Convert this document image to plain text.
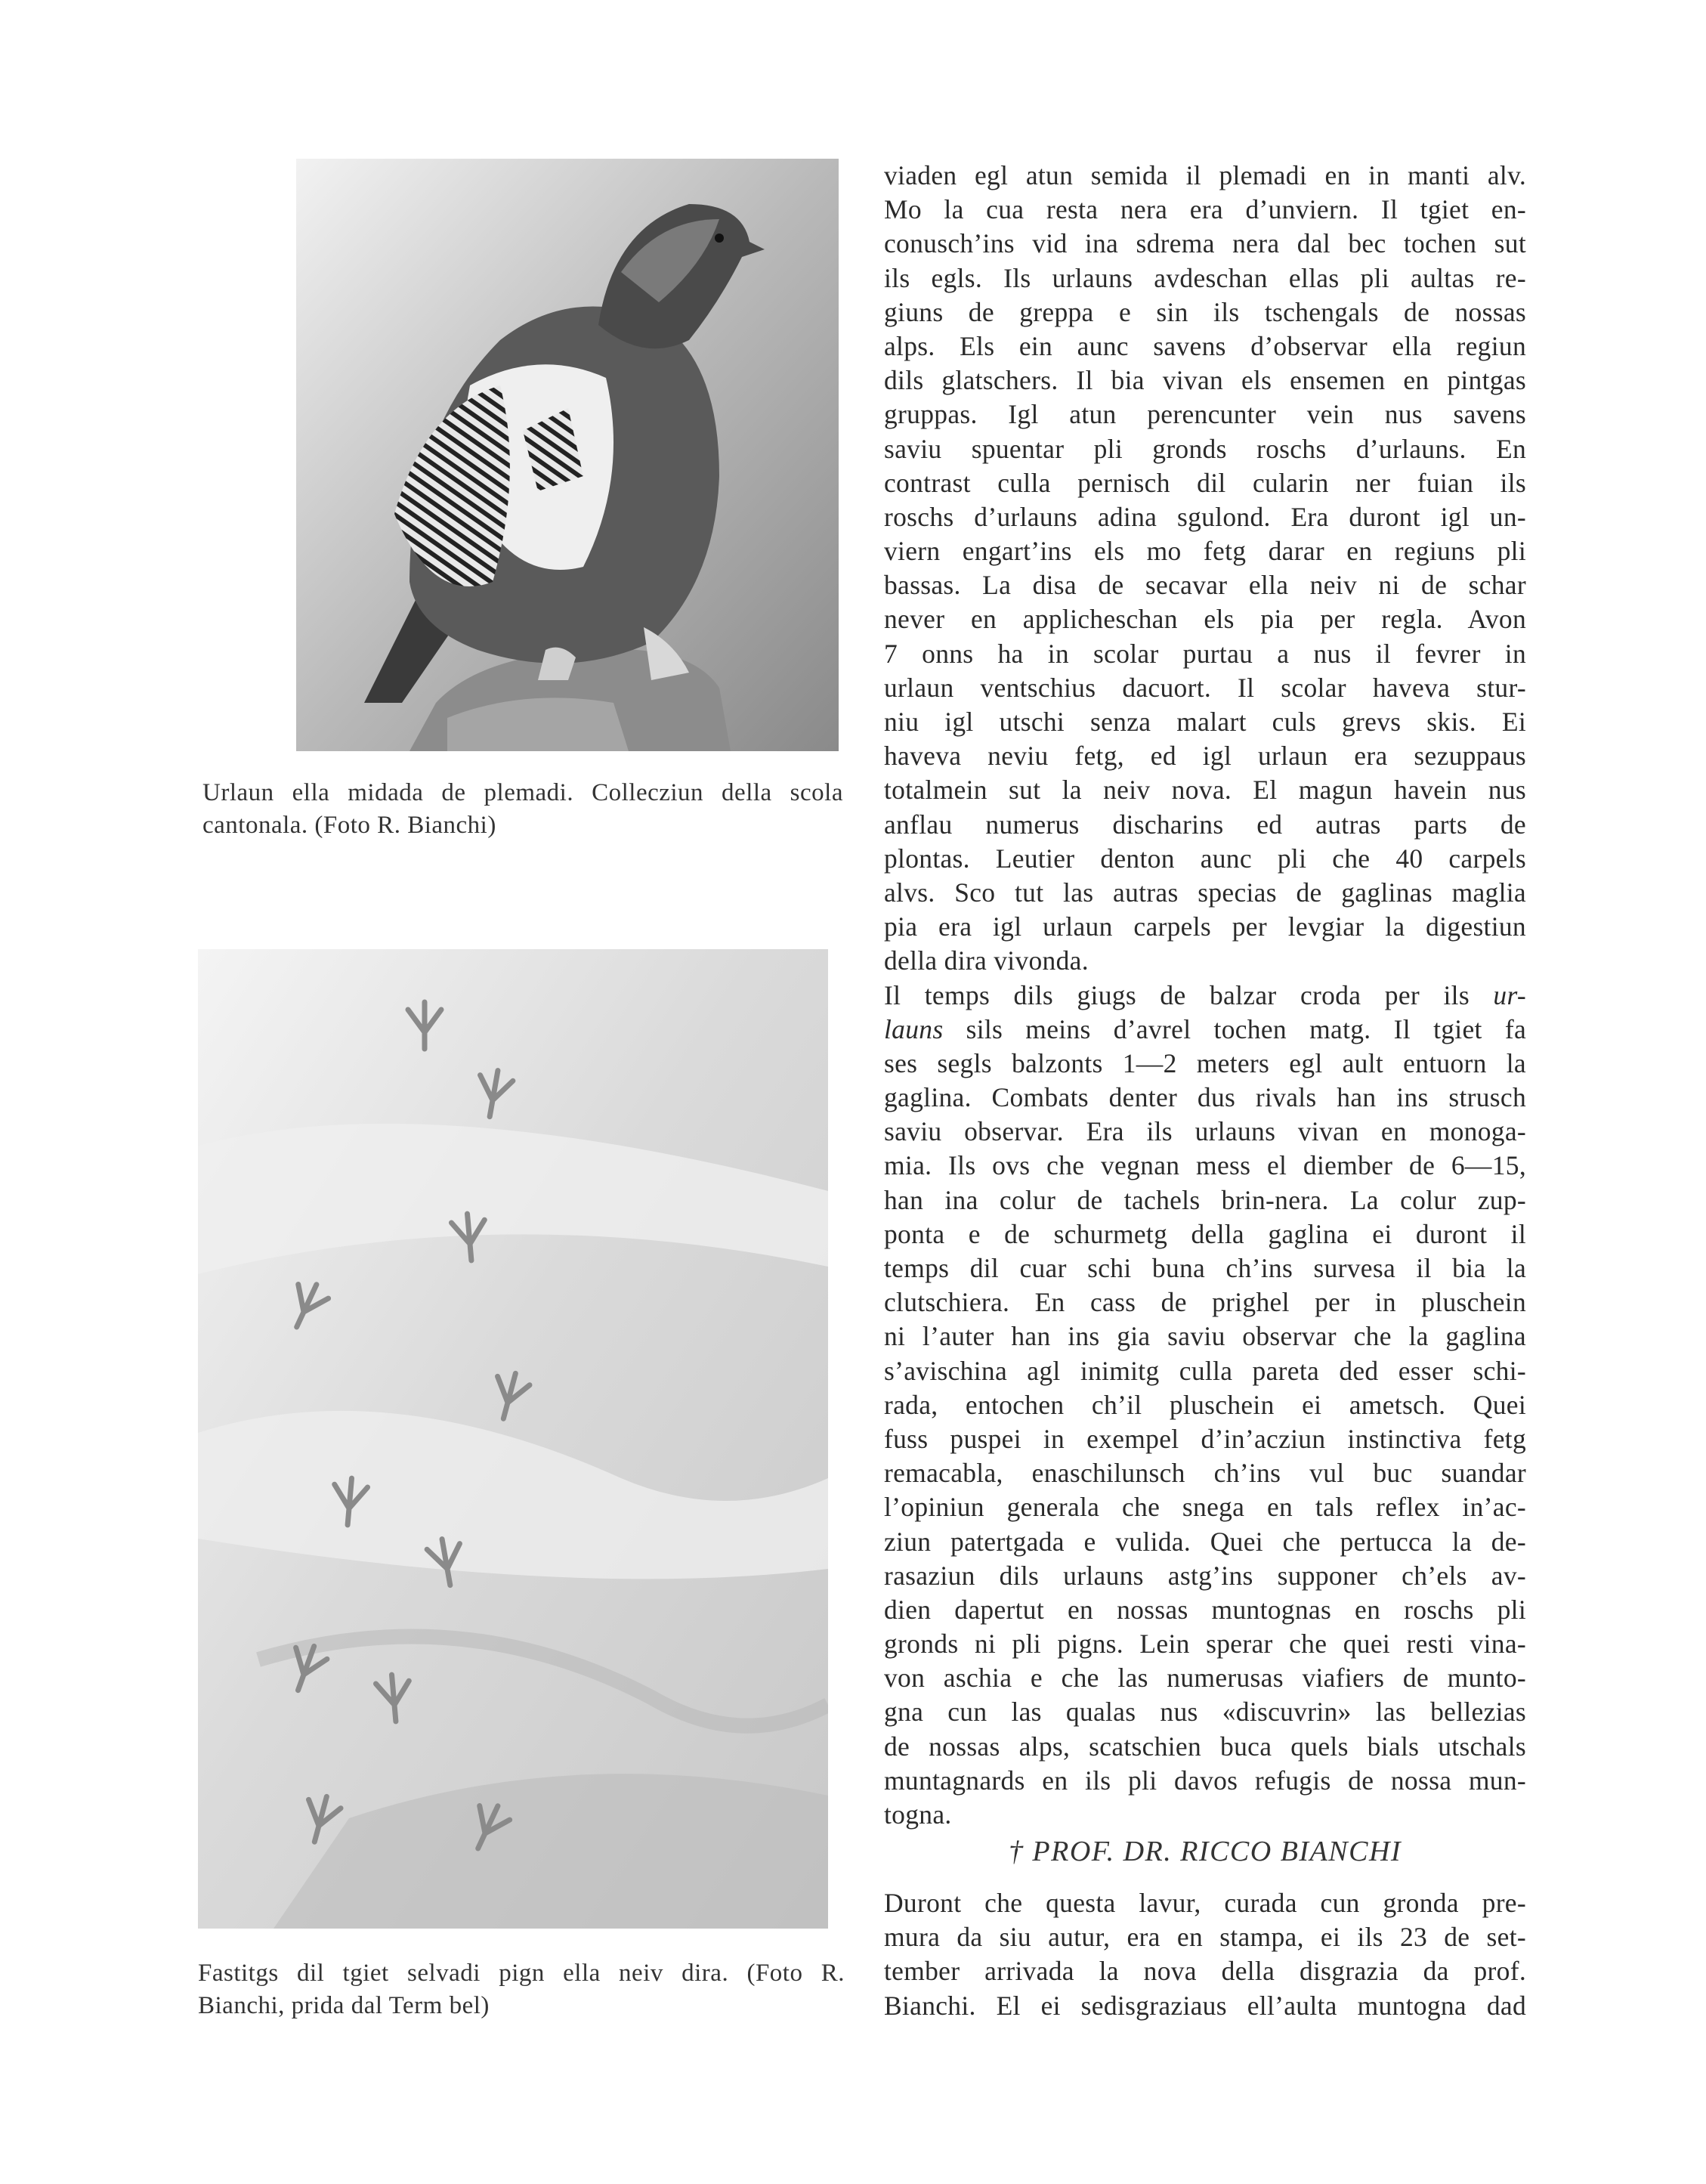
Urlaun ella midada de plemadi. Collecziun della scola
cantonala. (Foto R. Bianchi)
Fastitgs dil tgiet selvadi pign ella neiv dira. (Foto R.
Bianchi, prida dal Term bel)
viaden egl atun semida il plemadi en in manti alv.
Mo la cua resta nera era d’unviern. Il tgiet en-
conusch’ins vid ina sdrema nera dal bec tochen sut
ils egls. Ils urlauns avdeschan ellas pli aultas re-
giuns de greppa e sin ils tschengals de nossas
alps. Els ein aunc savens d’observar ella regiun
dils glatschers. Il bia vivan els ensemen en pintgas
gruppas. Igl atun perencunter vein nus savens
saviu spuentar pli gronds roschs d’urlauns. En
contrast culla pernisch dil cularin ner fuian ils
roschs d’urlauns adina sgulond. Era duront igl un-
viern engart’ins els mo fetg darar en regiuns pli
bassas. La disa de secavar ella neiv ni de schar
never en applicheschan els pia per regla. Avon
7 onns ha in scolar purtau a nus il fevrer in
urlaun ventschius dacuort. Il scolar haveva stur-
niu igl utschi senza malart culs grevs skis. Ei
haveva neviu fetg, ed igl urlaun era sezuppaus
totalmein sut la neiv nova. El magun havein nus
anflau numerus discharins ed autras parts de
plontas. Leutier denton aunc pli che 40 carpels
alvs. Sco tut las autras specias de gaglinas maglia
pia era igl urlaun carpels per levgiar la digestiun
della dira vivonda.
Il temps dils giugs de balzar croda per ils ur-
launs sils meins d’avrel tochen matg. Il tgiet fa
ses segls balzonts 1—2 meters egl ault entuorn la
gaglina. Combats denter dus rivals han ins strusch
saviu observar. Era ils urlauns vivan en monoga-
mia. Ils ovs che vegnan mess el diember de 6—15,
han ina colur de tachels brin-nera. La colur zup-
ponta e de schurmetg della gaglina ei duront il
temps dil cuar schi buna ch’ins survesa il bia la
clutschiera. En cass de prighel per in pluschein
ni l’auter han ins gia saviu observar che la gaglina
s’avischina agl inimitg culla pareta ded esser schi-
rada, entochen ch’il pluschein ei ametsch. Quei
fuss puspei in exempel d’in’acziun instinctiva fetg
remacabla, enaschilunsch ch’ins vul buc suandar
l’opiniun generala che snega en tals reflex in’ac-
ziun patertgada e vulida. Quei che pertucca la de-
rasaziun dils urlauns astg’ins supponer ch’els av-
dien dapertut en nossas muntognas en roschs pli
gronds ni pli pigns. Lein sperar che quei resti vina-
von aschia e che las numerusas viafiers de munto-
gna cun las qualas nus «discuvrin» las bellezias
de nossas alps, scatschien buca quels bials utschals
muntagnards en ils pli davos refugis de nossa mun-
togna.
† PROF. DR. RICCO BIANCHI
Duront che questa lavur, curada cun gronda pre-
mura da siu autur, era en stampa, ei ils 23 de set-
tember arrivada la nova della disgrazia da prof.
Bianchi. El ei sedisgraziaus ell’aulta muntogna dad
